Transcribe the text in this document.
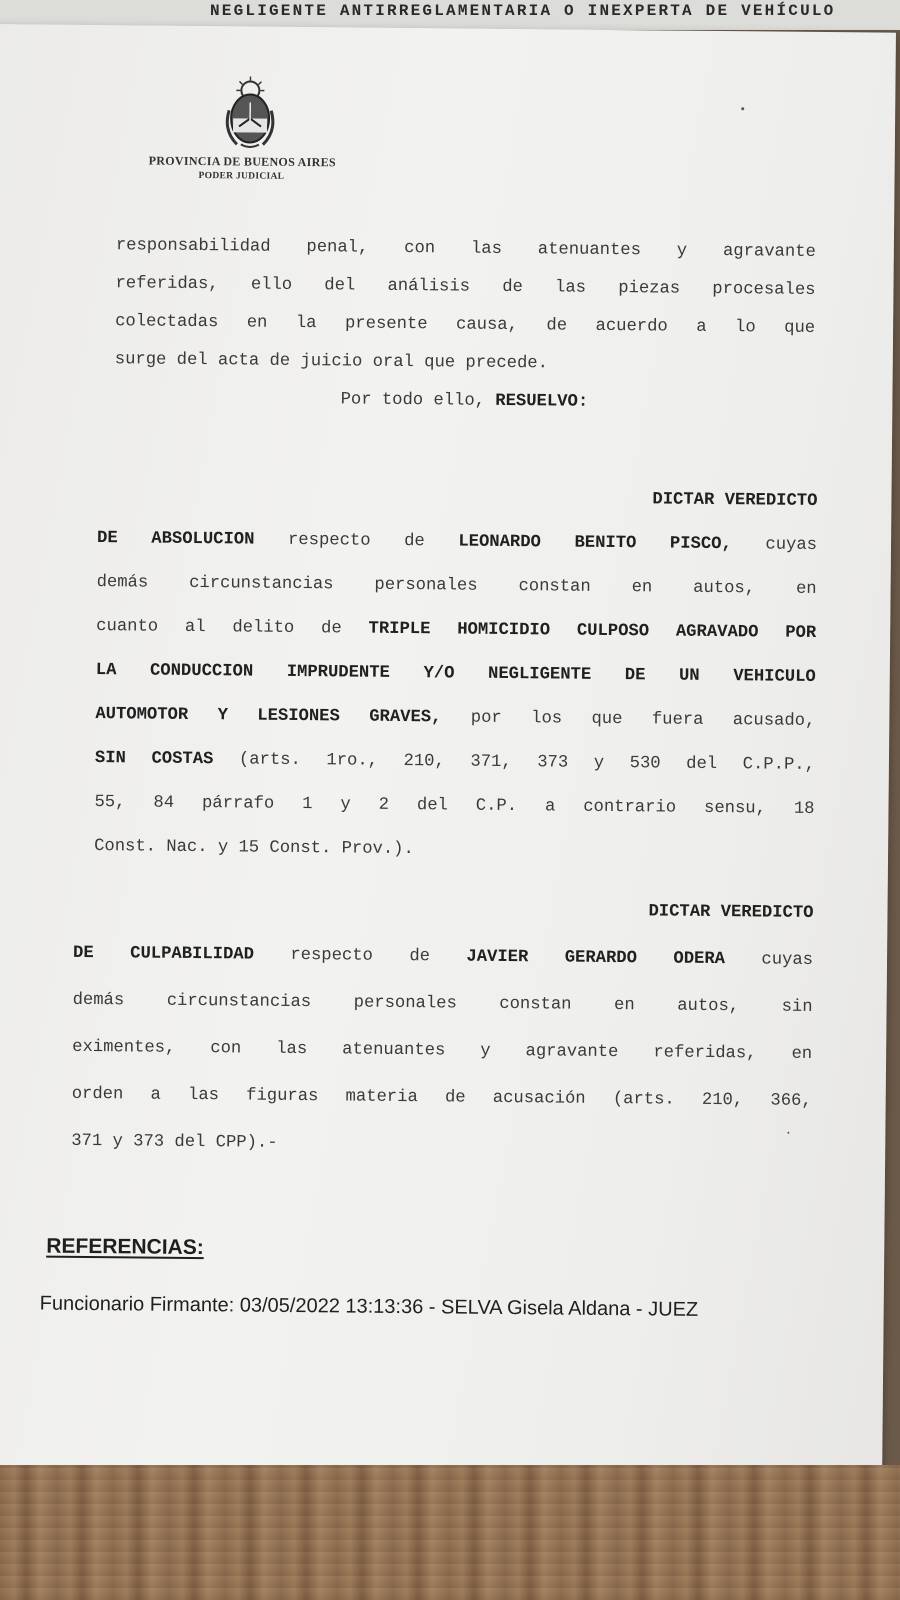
NEGLIGENTE ANTIRREGLAMENTARIA O INEXPERTA DE VEHÍCULO
PROVINCIA DE BUENOS AIRES
PODER JUDICIAL
responsabilidad penal, con las atenuantes y agravante
referidas, ello del análisis de las piezas procesales
colectadas en la presente causa, de acuerdo a lo que
surge del acta de juicio oral que precede.
Por todo ello, RESUELVO:
DICTAR VEREDICTO
DE ABSOLUCION respecto de LEONARDO BENITO PISCO, cuyas
demás circunstancias personales constan en autos, en
cuanto al delito de TRIPLE HOMICIDIO CULPOSO AGRAVADO POR
LA CONDUCCION IMPRUDENTE Y/O NEGLIGENTE DE UN VEHICULO
AUTOMOTOR Y LESIONES GRAVES, por los que fuera acusado,
SIN COSTAS (arts. 1ro., 210, 371, 373 y 530 del C.P.P.,
55, 84 párrafo 1 y 2 del C.P. a contrario sensu, 18
Const. Nac. y 15 Const. Prov.).
DICTAR VEREDICTO
DE CULPABILIDAD respecto de JAVIER GERARDO ODERA cuyas
demás circunstancias personales constan en autos, sin
eximentes, con las atenuantes y agravante referidas, en
orden a las figuras materia de acusación (arts. 210, 366,
371 y 373 del CPP).-
REFERENCIAS:
Funcionario Firmante: 03/05/2022 13:13:36 - SELVA Gisela Aldana - JUEZ
